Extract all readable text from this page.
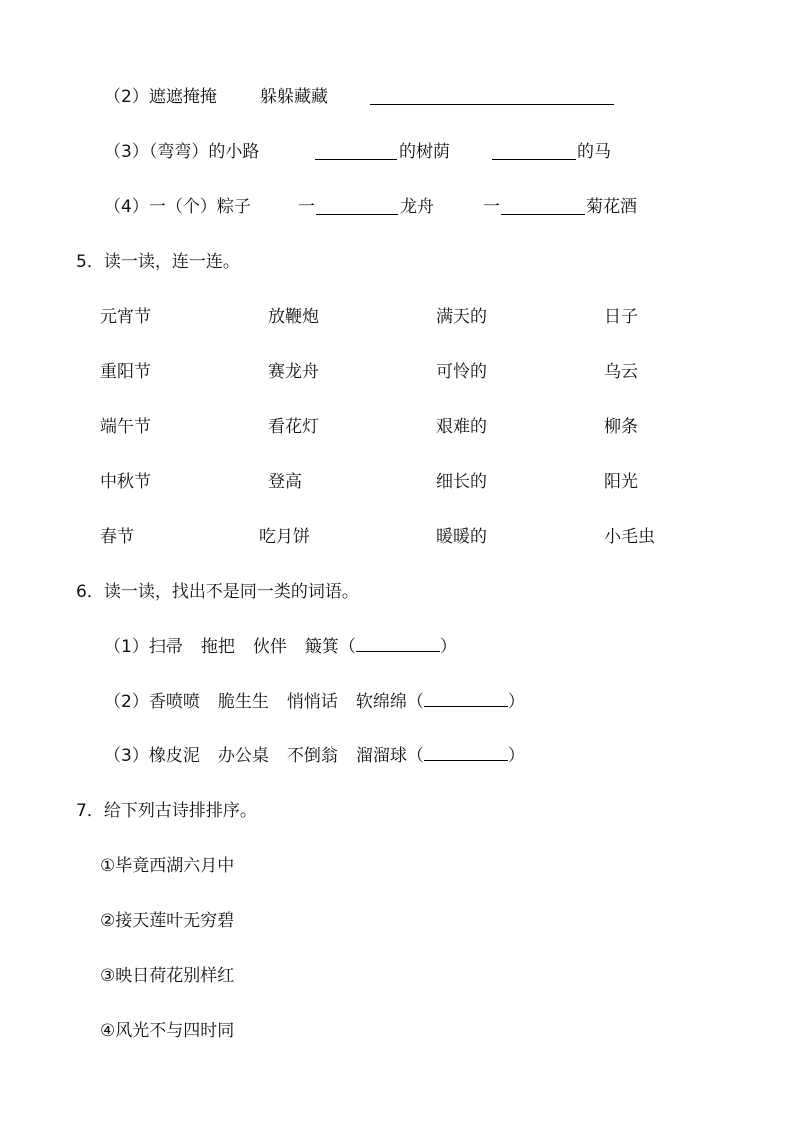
（2）遮遮掩掩	躲躲藏藏
（3）（弯弯）的小路	的树荫	的马
（4）一（个）粽子	一	龙舟	一	菊花酒
5．读一读，连一连。
元宵节	放鞭炮	满天的	日子
重阳节	赛龙舟	可怜的	乌云
端午节	看花灯	艰难的	柳条
中秋节	登高	细长的	阳光
春节	吃月饼	暖暖的	小毛虫
6．读一读，找出不是同一类的词语。
（1）扫帚 拖把 伙伴 簸箕（	）
（2）香喷喷 脆生生 悄悄话 软绵绵（	）
（3）橡皮泥 办公桌 不倒翁 溜溜球（	）
7．给下列古诗排排序。
①毕竟西湖六月中
②接天莲叶无穷碧
③映日荷花别样红
④风光不与四时同
